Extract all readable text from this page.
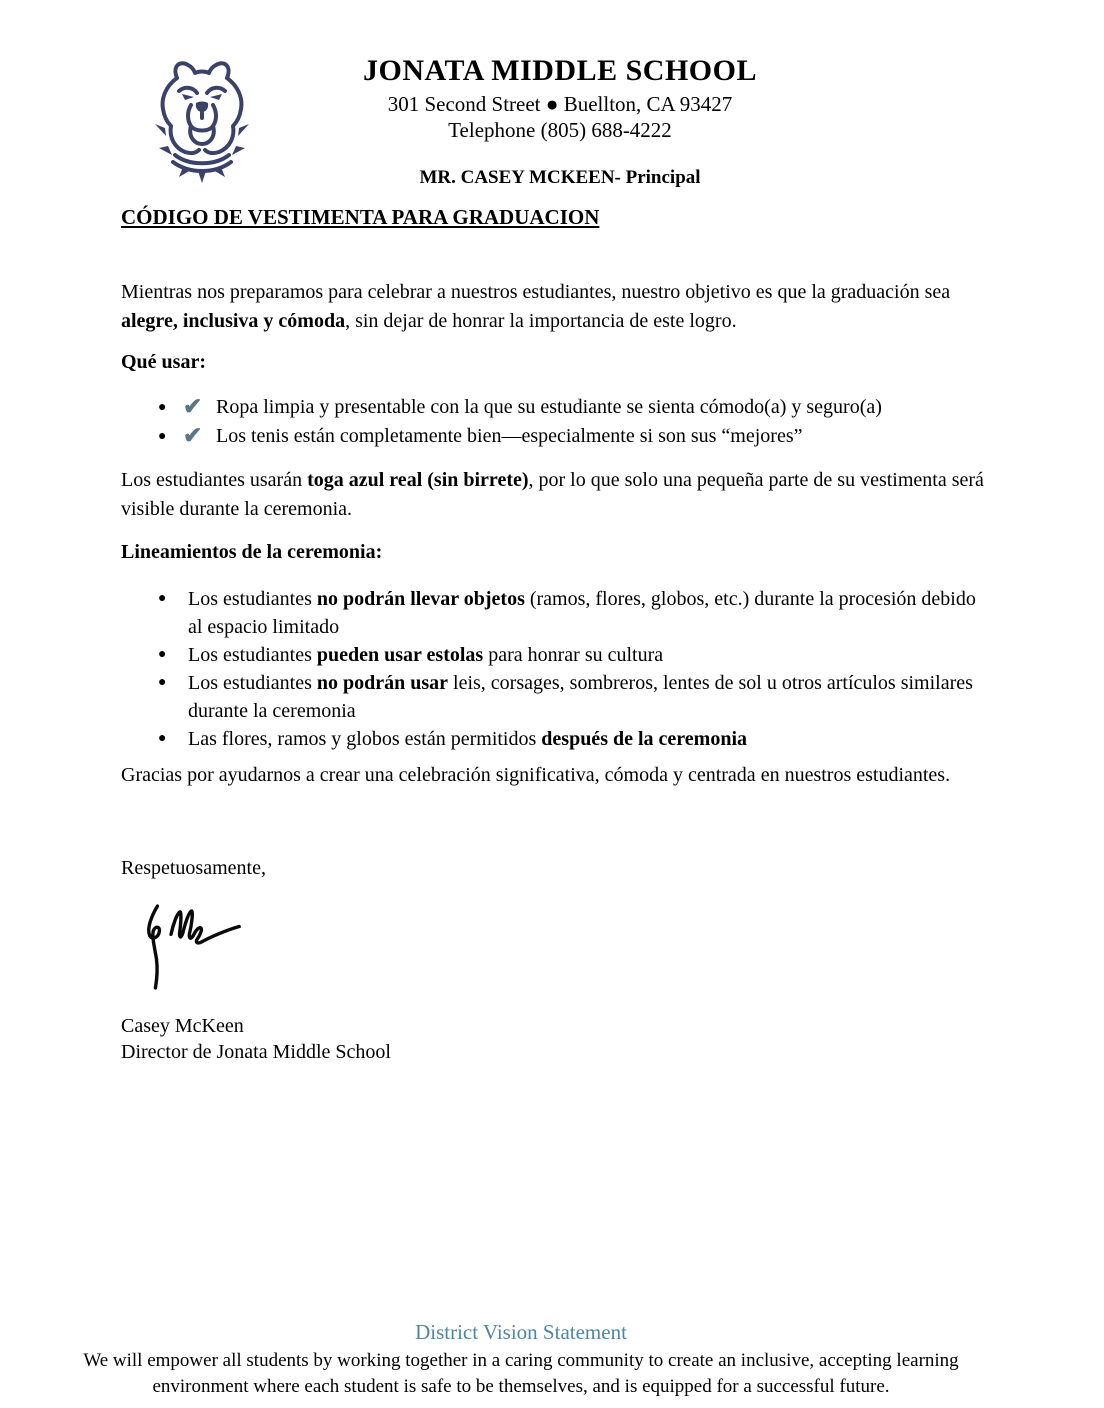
JONATA MIDDLE SCHOOL
301 Second Street ● Buellton, CA 93427
Telephone (805) 688-4222
MR. CASEY MCKEEN- Principal
CÓDIGO DE VESTIMENTA PARA GRADUACION

Mientras nos preparamos para celebrar a nuestros estudiantes, nuestro objetivo es que la graduación sea alegre, inclusiva y cómoda, sin dejar de honrar la importancia de este logro.

Qué usar:
● ✔ Ropa limpia y presentable con la que su estudiante se sienta cómodo(a) y seguro(a)
● ✔ Los tenis están completamente bien—especialmente si son sus “mejores”

Los estudiantes usarán toga azul real (sin birrete), por lo que solo una pequeña parte de su vestimenta será visible durante la ceremonia.

Lineamientos de la ceremonia:
● Los estudiantes no podrán llevar objetos (ramos, flores, globos, etc.) durante la procesión debido al espacio limitado
● Los estudiantes pueden usar estolas para honrar su cultura
● Los estudiantes no podrán usar leis, corsages, sombreros, lentes de sol u otros artículos similares durante la ceremonia
● Las flores, ramos y globos están permitidos después de la ceremonia

Gracias por ayudarnos a crear una celebración significativa, cómoda y centrada en nuestros estudiantes.

Respetuosamente,

Casey McKeen

Director de Jonata Middle School

District Vision Statement
We will empower all students by working together in a caring community to create an inclusive, accepting learning environment where each student is safe to be themselves, and is equipped for a successful future.
